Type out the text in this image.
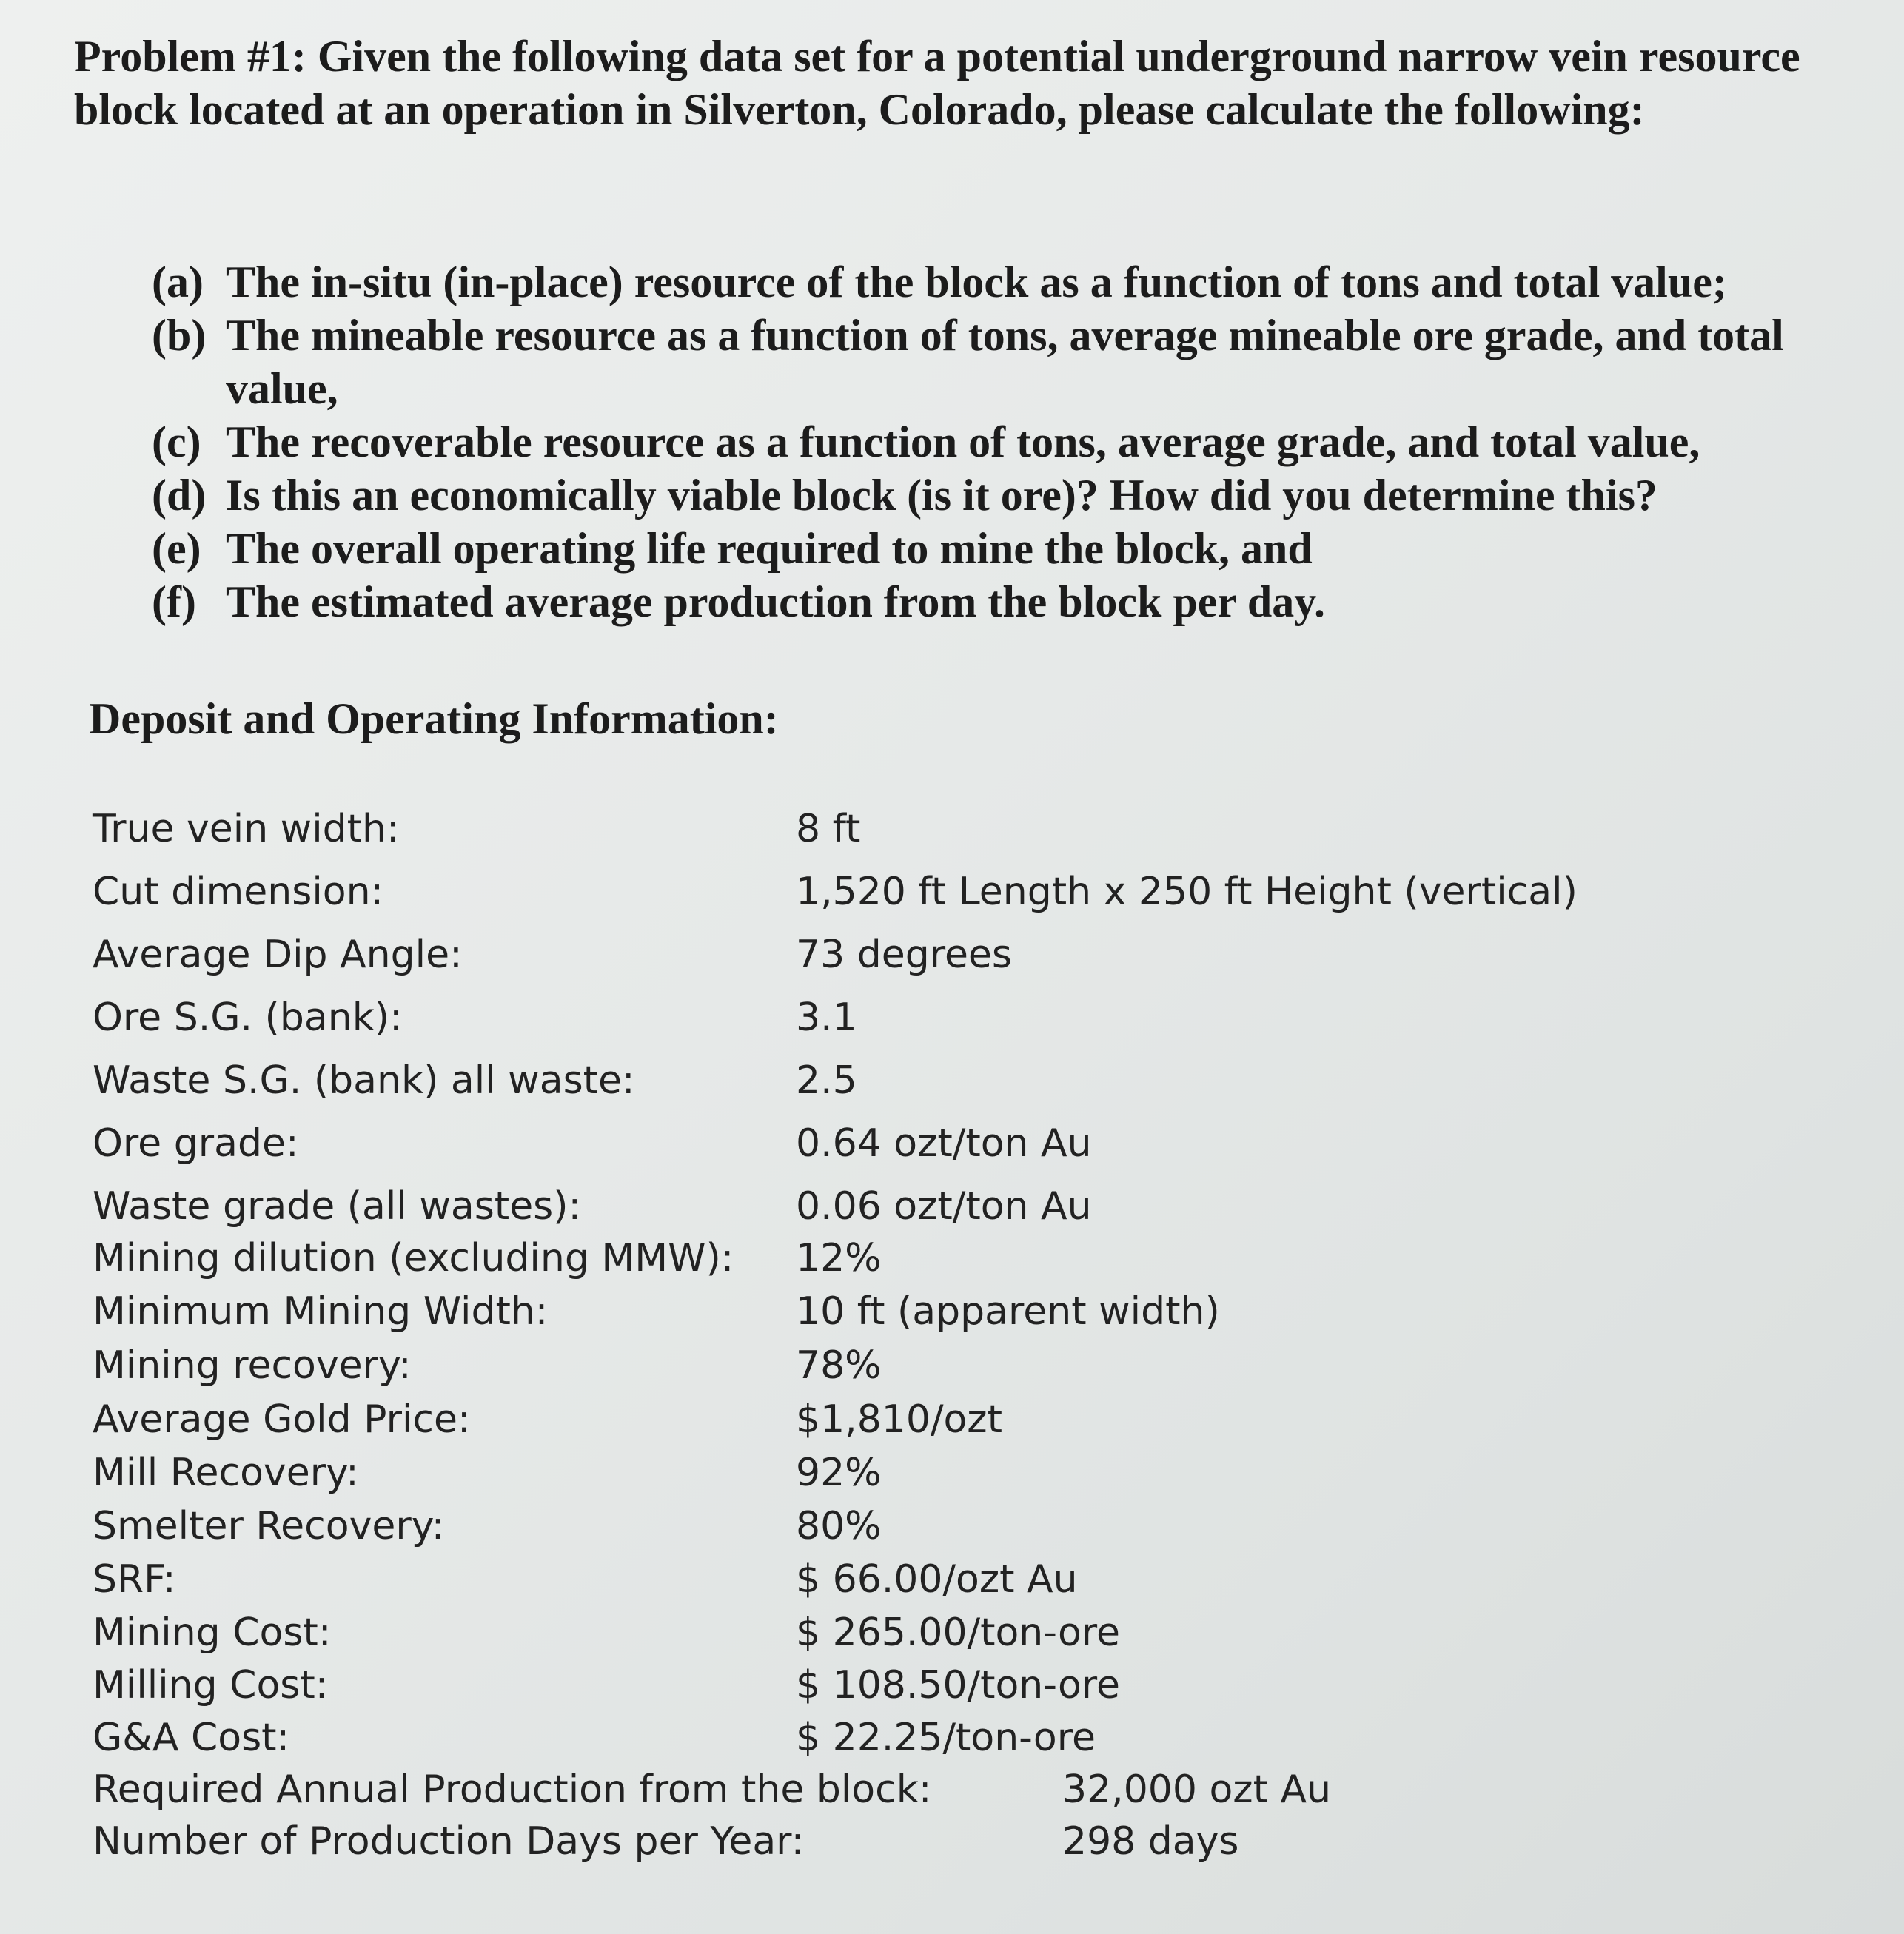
Problem #1: Given the following data set for a potential underground narrow vein resource block located at an operation in Silverton, Colorado, please calculate the following:

(a) The in-situ (in-place) resource of the block as a function of tons and total value;
(b) The mineable resource as a function of tons, average mineable ore grade, and total value,
(c) The recoverable resource as a function of tons, average grade, and total value,
(d) Is this an economically viable block (is it ore)? How did you determine this?
(e) The overall operating life required to mine the block, and
(f) The estimated average production from the block per day.
Deposit and Operating Information:
True vein width:	8 ft
Cut dimension:	1,520 ft Length x 250 ft Height (vertical)
Average Dip Angle:	73 degrees
Ore S.G. (bank):	3.1
Waste S.G. (bank) all waste:	2.5
Ore grade:	0.64 ozt/ton Au
Waste grade (all wastes):	0.06 ozt/ton Au
Mining dilution (excluding MMW): 12%
Minimum Mining Width:	10 ft (apparent width)
Mining recovery:	78%
Average Gold Price:	$1,810/ozt
Mill Recovery:	92%
Smelter Recovery:	80%
SRF:	$ 66.00/ozt Au
Mining Cost:	$ 265.00/ton-ore
Milling Cost:	$ 108.50/ton-ore
G&A Cost:	$ 22.25/ton-ore
Required Annual Production from the block:	32,000 ozt Au
Number of Production Days per Year:	298 days
